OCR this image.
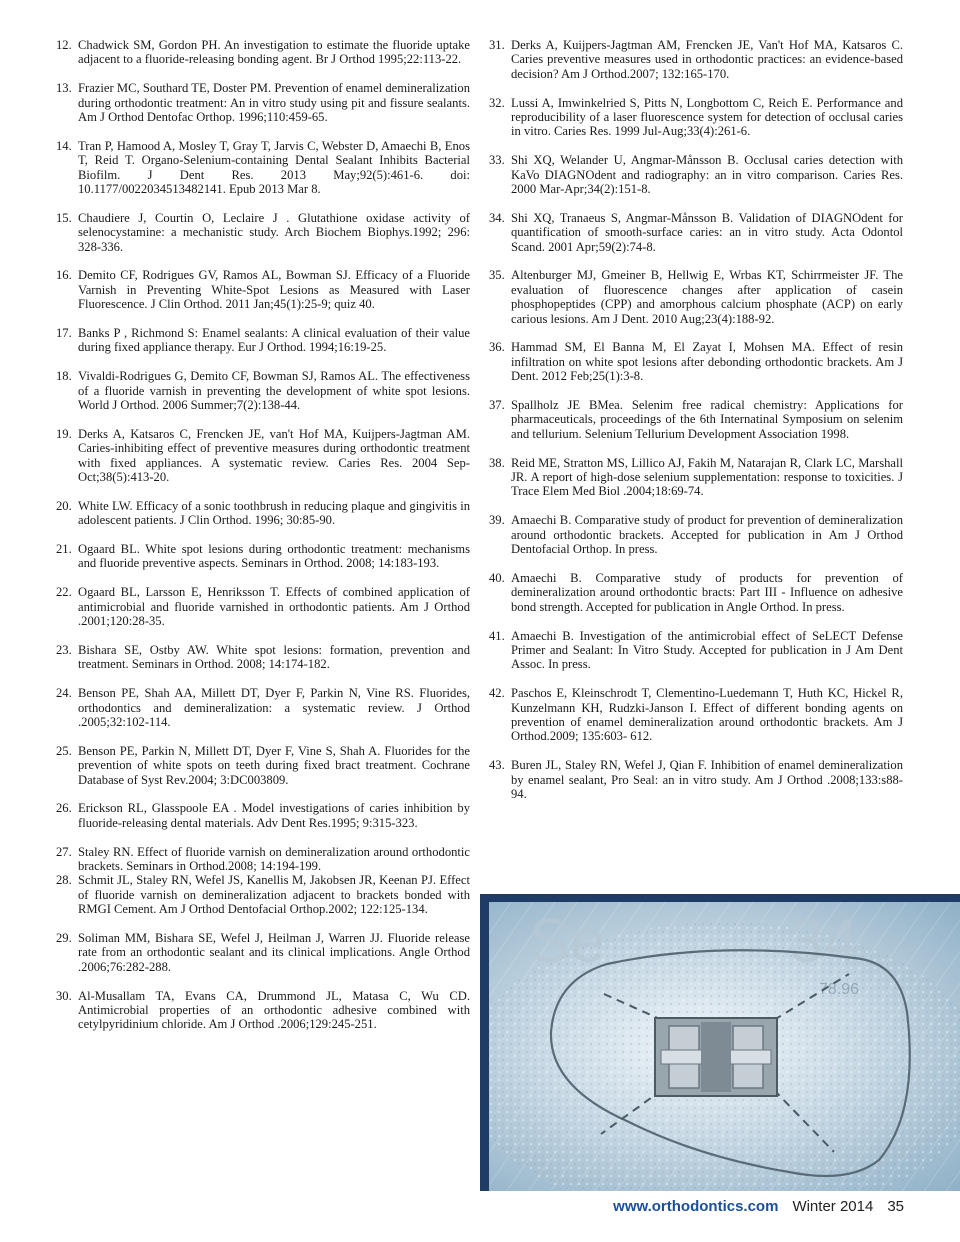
12. Chadwick SM, Gordon PH. An investigation to estimate the fluoride uptake adjacent to a fluoride-releasing bonding agent. Br J Orthod 1995;22:113-22.
13. Frazier MC, Southard TE, Doster PM. Prevention of enamel demineralization during orthodontic treatment: An in vitro study using pit and fissure sealants. Am J Orthod Dentofac Orthop. 1996;110:459-65.
14. Tran P, Hamood A, Mosley T, Gray T, Jarvis C, Webster D, Amaechi B, Enos T, Reid T. Organo-Selenium-containing Dental Sealant Inhibits Bacterial Biofilm. J Dent Res. 2013 May;92(5):461-6. doi: 10.1177/0022034513482141. Epub 2013 Mar 8.
15. Chaudiere J, Courtin O, Leclaire J . Glutathione oxidase activity of selenocystamine: a mechanistic study. Arch Biochem Biophys.1992; 296: 328-336.
16. Demito CF, Rodrigues GV, Ramos AL, Bowman SJ. Efficacy of a Fluoride Varnish in Preventing White-Spot Lesions as Measured with Laser Fluorescence. J Clin Orthod. 2011 Jan;45(1):25-9; quiz 40.
17. Banks P , Richmond S: Enamel sealants: A clinical evaluation of their value during fixed appliance therapy. Eur J Orthod. 1994;16:19-25.
18. Vivaldi-Rodrigues G, Demito CF, Bowman SJ, Ramos AL. The effectiveness of a fluoride varnish in preventing the development of white spot lesions. World J Orthod. 2006 Summer;7(2):138-44.
19. Derks A, Katsaros C, Frencken JE, van't Hof MA, Kuijpers-Jagtman AM. Caries-inhibiting effect of preventive measures during orthodontic treatment with fixed appliances. A systematic review. Caries Res. 2004 Sep-Oct;38(5):413-20.
20. White LW. Efficacy of a sonic toothbrush in reducing plaque and gingivitis in adolescent patients. J Clin Orthod. 1996; 30:85-90.
21. Ogaard BL. White spot lesions during orthodontic treatment: mechanisms and fluoride preventive aspects. Seminars in Orthod. 2008; 14:183-193.
22. Ogaard BL, Larsson E, Henriksson T. Effects of combined application of antimicrobial and fluoride varnished in orthodontic patients. Am J Orthod .2001;120:28-35.
23. Bishara SE, Ostby AW. White spot lesions: formation, prevention and treatment. Seminars in Orthod. 2008; 14:174-182.
24. Benson PE, Shah AA, Millett DT, Dyer F, Parkin N, Vine RS. Fluorides, orthodontics and demineralization: a systematic review. J Orthod .2005;32:102-114.
25. Benson PE, Parkin N, Millett DT, Dyer F, Vine S, Shah A. Fluorides for the prevention of white spots on teeth during fixed bract treatment. Cochrane Database of Syst Rev.2004; 3:DC003809.
26. Erickson RL, Glasspoole EA . Model investigations of caries inhibition by fluoride-releasing dental materials. Adv Dent Res.1995; 9:315-323.
27. Staley RN. Effect of fluoride varnish on demineralization around orthodontic brackets. Seminars in Orthod.2008; 14:194-199.
28. Schmit JL, Staley RN, Wefel JS, Kanellis M, Jakobsen JR, Keenan PJ. Effect of fluoride varnish on demineralization adjacent to brackets bonded with RMGI Cement. Am J Orthod Dentofacial Orthop.2002; 122:125-134.
29. Soliman MM, Bishara SE, Wefel J, Heilman J, Warren JJ. Fluoride release rate from an orthodontic sealant and its clinical implications. Angle Orthod .2006;76:282-288.
30. Al-Musallam TA, Evans CA, Drummond JL, Matasa C, Wu CD. Antimicrobial properties of an orthodontic adhesive combined with cetylpyridinium chloride. Am J Orthod .2006;129:245-251.
31. Derks A, Kuijpers-Jagtman AM, Frencken JE, Van't Hof MA, Katsaros C. Caries preventive measures used in orthodontic practices: an evidence-based decision? Am J Orthod.2007; 132:165-170.
32. Lussi A, Imwinkelried S, Pitts N, Longbottom C, Reich E. Performance and reproducibility of a laser fluorescence system for detection of occlusal caries in vitro. Caries Res. 1999 Jul-Aug;33(4):261-6.
33. Shi XQ, Welander U, Angmar-Månsson B. Occlusal caries detection with KaVo DIAGNOdent and radiography: an in vitro comparison. Caries Res. 2000 Mar-Apr;34(2):151-8.
34. Shi XQ, Tranaeus S, Angmar-Månsson B. Validation of DIAGNOdent for quantification of smooth-surface caries: an in vitro study. Acta Odontol Scand. 2001 Apr;59(2):74-8.
35. Altenburger MJ, Gmeiner B, Hellwig E, Wrbas KT, Schirrmeister JF. The evaluation of fluorescence changes after application of casein phosphopeptides (CPP) and amorphous calcium phosphate (ACP) on early carious lesions. Am J Dent. 2010 Aug;23(4):188-92.
36. Hammad SM, El Banna M, El Zayat I, Mohsen MA. Effect of resin infiltration on white spot lesions after debonding orthodontic brackets. Am J Dent. 2012 Feb;25(1):3-8.
37. Spallholz JE BMea. Selenim free radical chemistry: Applications for pharmaceuticals, proceedings of the 6th Internatinal Symposium on selenim and tellurium. Selenium Tellurium Development Association 1998.
38. Reid ME, Stratton MS, Lillico AJ, Fakih M, Natarajan R, Clark LC, Marshall JR. A report of high-dose selenium supplementation: response to toxicities. J Trace Elem Med Biol .2004;18:69-74.
39. Amaechi B. Comparative study of product for prevention of demineralization around orthodontic brackets. Accepted for publication in Am J Orthod Dentofacial Orthop. In press.
40. Amaechi B. Comparative study of products for prevention of demineralization around orthodontic bracts: Part III - Influence on adhesive bond strength. Accepted for publication in Angle Orthod. In press.
41. Amaechi B. Investigation of the antimicrobial effect of SeLECT Defense Primer and Sealant: In Vitro Study. Accepted for publication in J Am Dent Assoc. In press.
42. Paschos E, Kleinschrodt T, Clementino-Luedemann T, Huth KC, Hickel R, Kunzelmann KH, Rudzki-Janson I. Effect of different bonding agents on prevention of enamel demineralization around orthodontic brackets. Am J Orthod.2009; 135:603- 612.
43. Buren JL, Staley RN, Wefel J, Qian F. Inhibition of enamel demineralization by enamel sealant, Pro Seal: an in vitro study. Am J Orthod .2008;133:s88-94.
Se	34
78.96
www.orthodontics.com Winter 2014 35
